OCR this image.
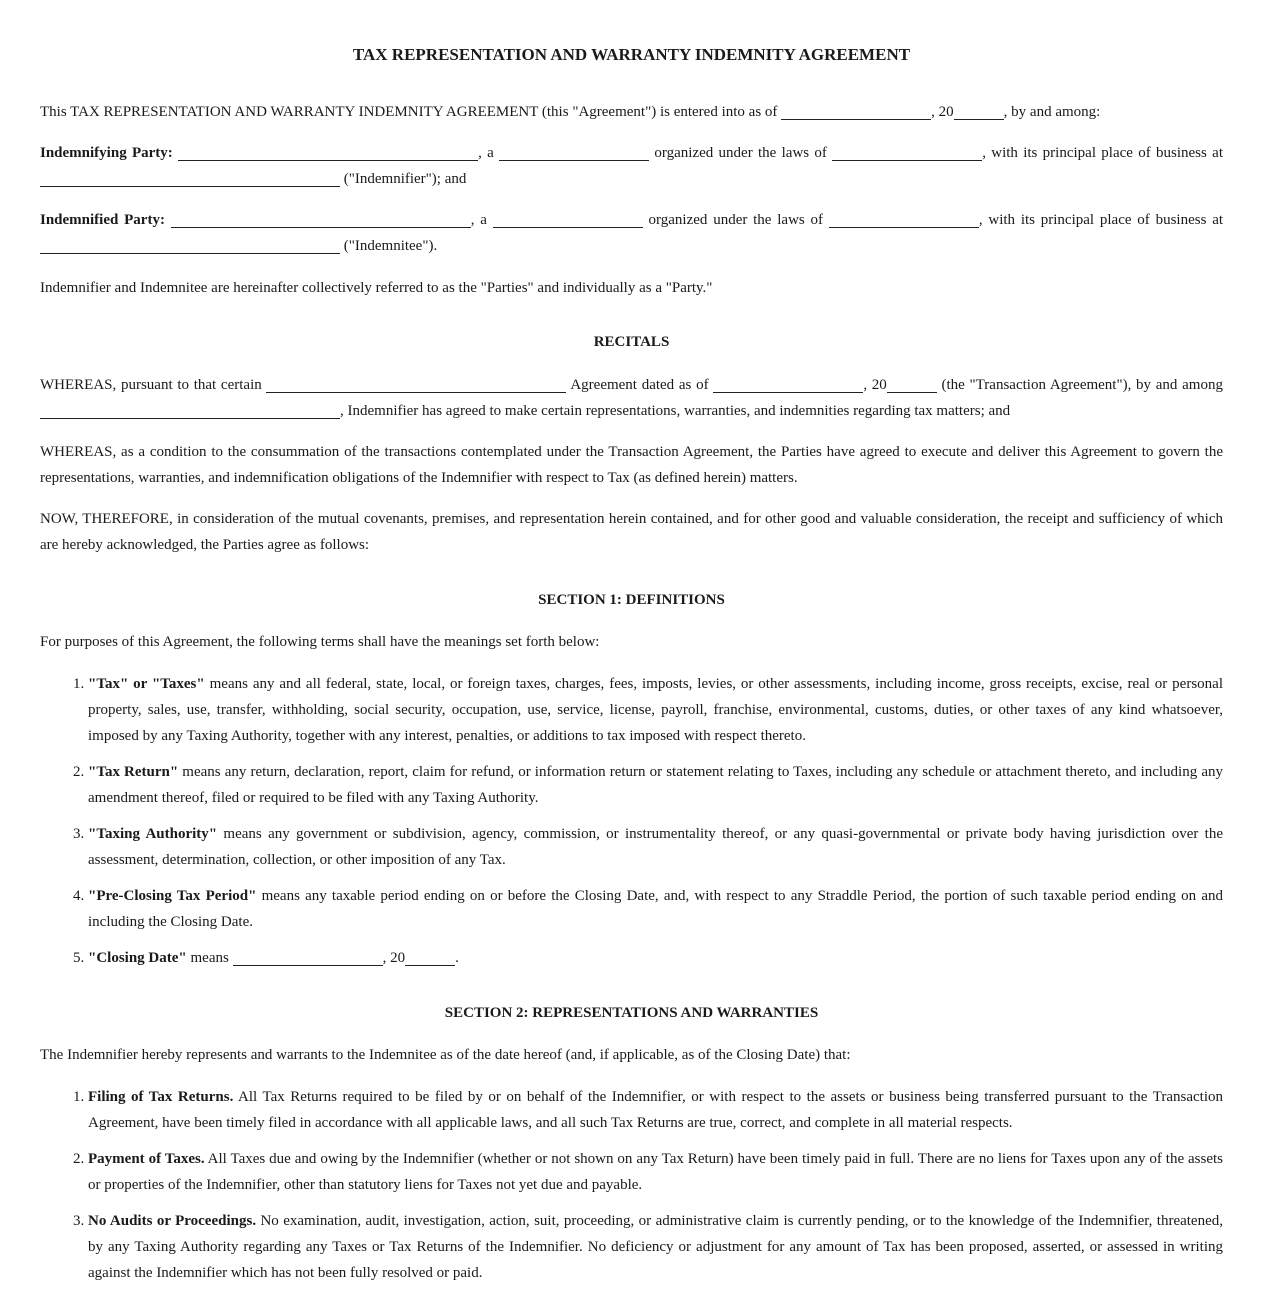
TAX REPRESENTATION AND WARRANTY INDEMNITY AGREEMENT

This TAX REPRESENTATION AND WARRANTY INDEMNITY AGREEMENT (this "Agreement") is entered into as of	, 20	, by and among:

Indemnifying Party:	, a	organized under the laws of	, with its principal place of business at  ("Indemnifier"); and

Indemnified Party:	, a	organized under the laws of	, with its principal place of business at  ("Indemnitee").

Indemnifier and Indemnitee are hereinafter collectively referred to as the "Parties" and individually as a "Party."

RECITALS

WHEREAS, pursuant to that certain	Agreement dated as of	, 20	(the "Transaction Agreement"), by and among , Indemnifier has agreed to make certain representations, warranties, and indemnities regarding tax matters; and

WHEREAS, as a condition to the consummation of the transactions contemplated under the Transaction Agreement, the Parties have agreed to execute and deliver this Agreement to govern the representations, warranties, and indemnification obligations of the Indemnifier with respect to Tax (as defined herein) matters.

NOW, THEREFORE, in consideration of the mutual covenants, premises, and representation herein contained, and for other good and valuable consideration, the receipt and sufficiency of which are hereby acknowledged, the Parties agree as follows:

SECTION 1: DEFINITIONS

For purposes of this Agreement, the following terms shall have the meanings set forth below:

1. "Tax" or "Taxes" means any and all federal, state, local, or foreign taxes, charges, fees, imposts, levies, or other assessments, including income, gross receipts, excise, real or personal property, sales, use, transfer, withholding, social security, occupation, use, service, license, payroll, franchise, environmental, customs, duties, or other taxes of any kind whatsoever, imposed by any Taxing Authority, together with any interest, penalties, or additions to tax imposed with respect thereto.
2. "Tax Return" means any return, declaration, report, claim for refund, or information return or statement relating to Taxes, including any schedule or attachment thereto, and including any amendment thereof, filed or required to be filed with any Taxing Authority.
3. "Taxing Authority" means any government or subdivision, agency, commission, or instrumentality thereof, or any quasi-governmental or private body having jurisdiction over the assessment, determination, collection, or other imposition of any Tax.
4. "Pre-Closing Tax Period" means any taxable period ending on or before the Closing Date, and, with respect to any Straddle Period, the portion of such taxable period ending on and including the Closing Date.
5. "Closing Date" means	, 20	.
SECTION 2: REPRESENTATIONS AND WARRANTIES

The Indemnifier hereby represents and warrants to the Indemnitee as of the date hereof (and, if applicable, as of the Closing Date) that:

1. Filing of Tax Returns. All Tax Returns required to be filed by or on behalf of the Indemnifier, or with respect to the assets or business being transferred pursuant to the Transaction Agreement, have been timely filed in accordance with all applicable laws, and all such Tax Returns are true, correct, and complete in all material respects.
2. Payment of Taxes. All Taxes due and owing by the Indemnifier (whether or not shown on any Tax Return) have been timely paid in full. There are no liens for Taxes upon any of the assets or properties of the Indemnifier, other than statutory liens for Taxes not yet due and payable.
3. No Audits or Proceedings. No examination, audit, investigation, action, suit, proceeding, or administrative claim is currently pending, or to the knowledge of the Indemnifier, threatened, by any Taxing Authority regarding any Taxes or Tax Returns of the Indemnifier. No deficiency or adjustment for any amount of Tax has been proposed, asserted, or assessed in writing against the Indemnifier which has not been fully resolved or paid.
